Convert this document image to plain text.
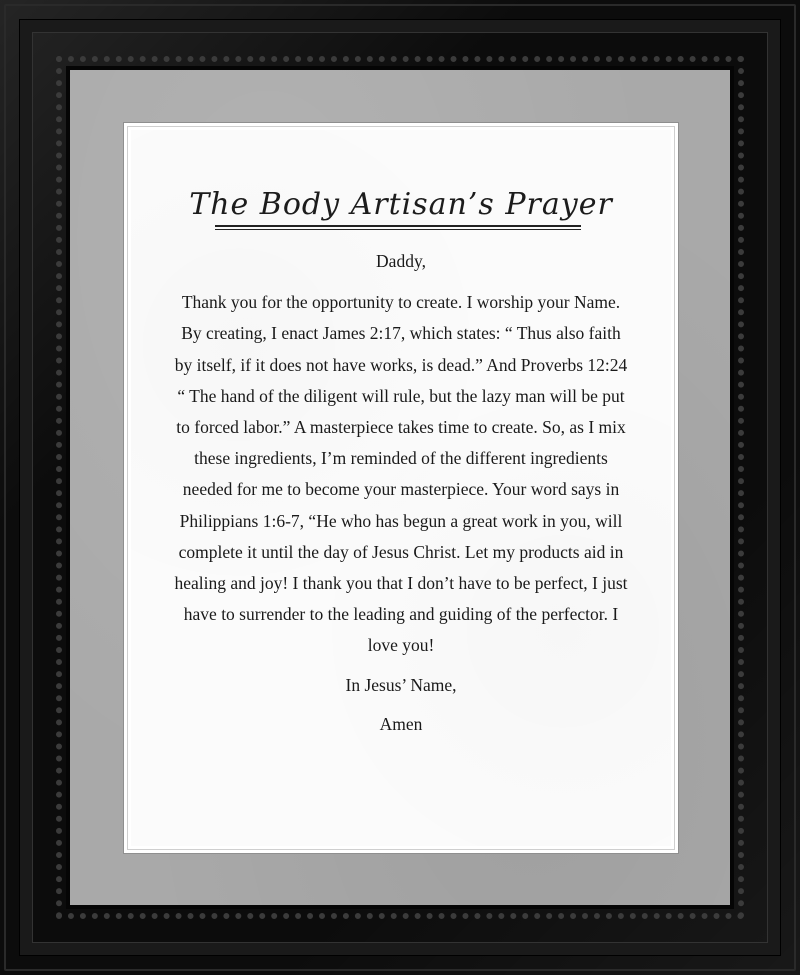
The Body Artisan’s Prayer

Daddy,

Thank you for the opportunity to create. I worship your Name. By creating, I enact James 2:17, which states: “ Thus also faith by itself, if it does not have works, is dead.” And Proverbs 12:24 “ The hand of the diligent will rule, but the lazy man will be put to forced labor.” A masterpiece takes time to create. So, as I mix these ingredients, I’m reminded of the different ingredients needed for me to become your masterpiece. Your word says in Philippians 1:6-7, “He who has begun a great work in you, will complete it until the day of Jesus Christ. Let my products aid in healing and joy! I thank you that I don’t have to be perfect, I just have to surrender to the leading and guiding of the perfector. I love you!

In Jesus’ Name,

Amen
